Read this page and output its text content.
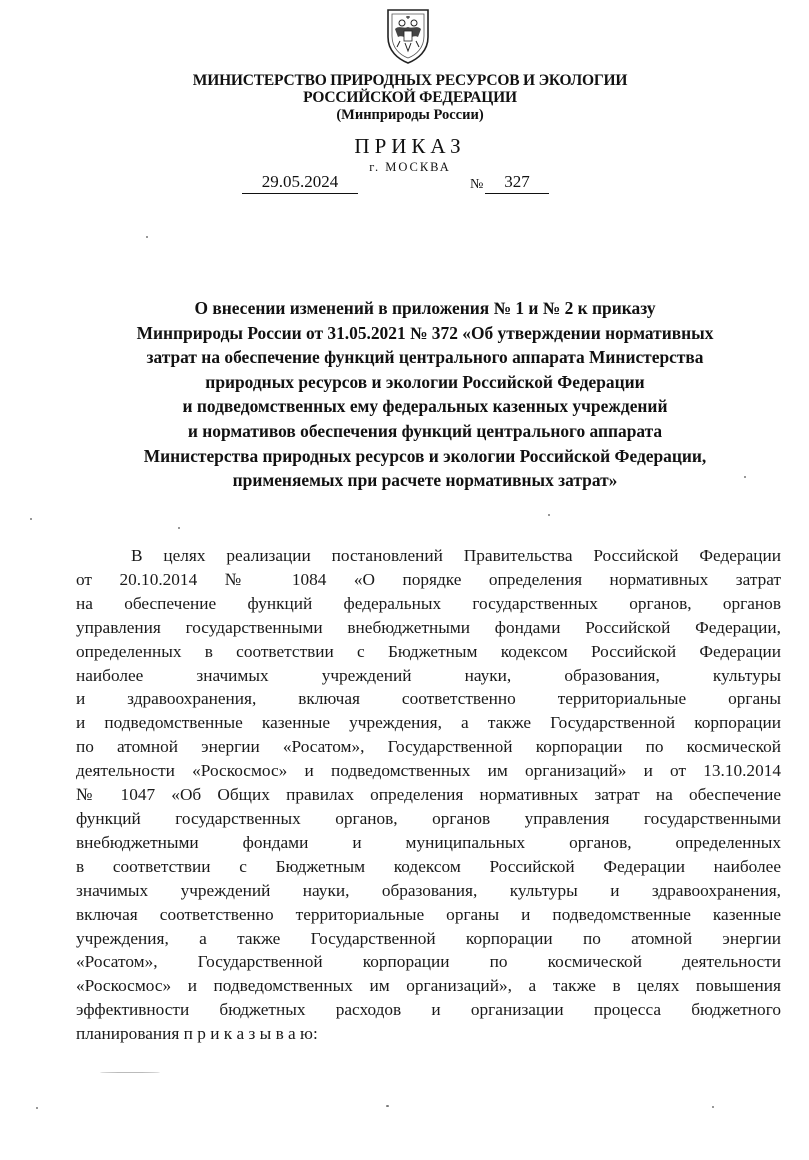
МИНИСТЕРСТВО ПРИРОДНЫХ РЕСУРСОВ И ЭКОЛОГИИ
РОССИЙСКОЙ ФЕДЕРАЦИИ
(Минприроды России)
ПРИКАЗ
г. МОСКВА
29.05.2024	№	327
О внесении изменений в приложения № 1 и № 2 к приказу
Минприроды России от 31.05.2021 № 372 «Об утверждении нормативных
затрат на обеспечение функций центрального аппарата Министерства
природных ресурсов и экологии Российской Федерации
и подведомственных ему федеральных казенных учреждений
и нормативов обеспечения функций центрального аппарата
Министерства природных ресурсов и экологии Российской Федерации,
применяемых при расчете нормативных затрат»
В целях реализации постановлений Правительства Российской Федерации
от 20.10.2014 № 1084 «О порядке определения нормативных затрат
на обеспечение функций федеральных государственных органов, органов
управления государственными внебюджетными фондами Российской Федерации,
определенных в соответствии с Бюджетным кодексом Российской Федерации
наиболее значимых учреждений науки, образования, культуры
и здравоохранения, включая соответственно территориальные органы
и подведомственные казенные учреждения, а также Государственной корпорации
по атомной энергии «Росатом», Государственной корпорации по космической
деятельности «Роскосмос» и подведомственных им организаций» и от 13.10.2014
№ 1047 «Об Общих правилах определения нормативных затрат на обеспечение
функций государственных органов, органов управления государственными
внебюджетными фондами и муниципальных органов, определенных
в соответствии с Бюджетным кодексом Российской Федерации наиболее
значимых учреждений науки, образования, культуры и здравоохранения,
включая соответственно территориальные органы и подведомственные казенные
учреждения, а также Государственной корпорации по атомной энергии
«Росатом», Государственной корпорации по космической деятельности
«Роскосмос» и подведомственных им организаций», а также в целях повышения
эффективности бюджетных расходов и организации процесса бюджетного
планирования п р и к а з ы в а ю:
